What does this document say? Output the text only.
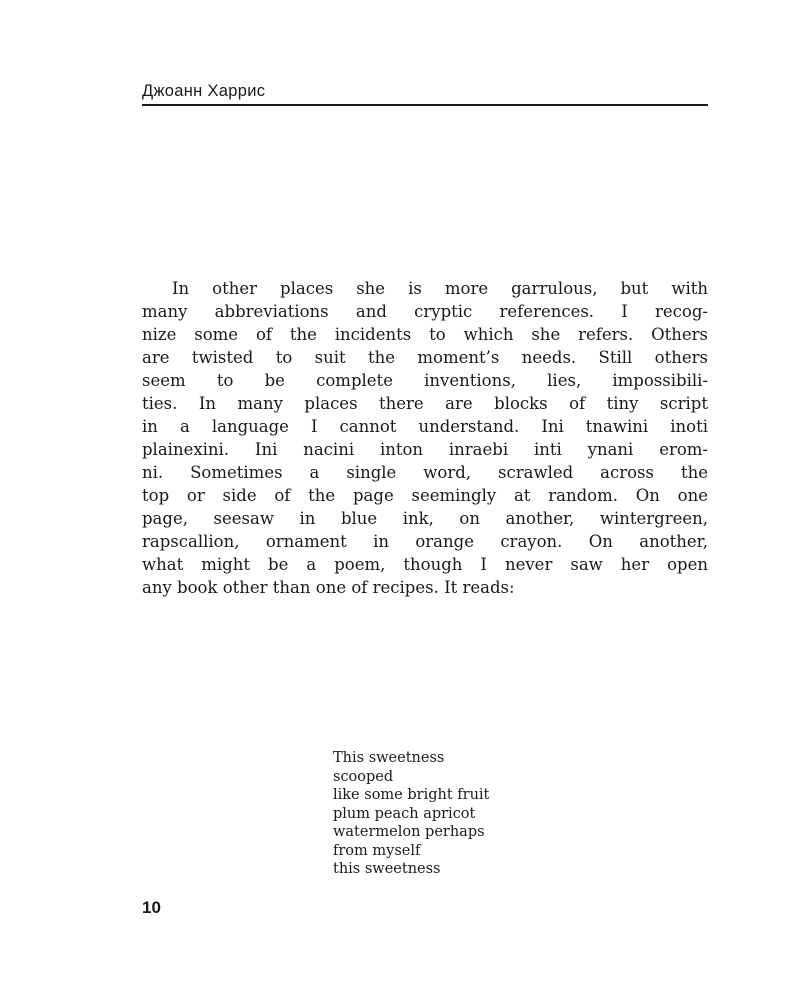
Джоанн Харрис
In other places she is more garrulous, but with
many abbreviations and cryptic references. I recog-
nize some of the incidents to which she refers. Others
are twisted to suit the moment’s needs. Still others
seem to be complete inventions, lies, impossibili-
ties. In many places there are blocks of tiny script
in a language I cannot understand. Ini tnawini inoti
plainexini. Ini nacini inton inraebi inti ynani erom-
ni. Sometimes a single word, scrawled across the
top or side of the page seemingly at random. On one
page, seesaw in blue ink, on another, wintergreen,
rapscallion, ornament in orange crayon. On another,
what might be a poem, though I never saw her open
any book other than one of recipes. It reads:
This sweetness
scooped
like some bright fruit
plum peach apricot
watermelon perhaps
from myself
this sweetness
10
